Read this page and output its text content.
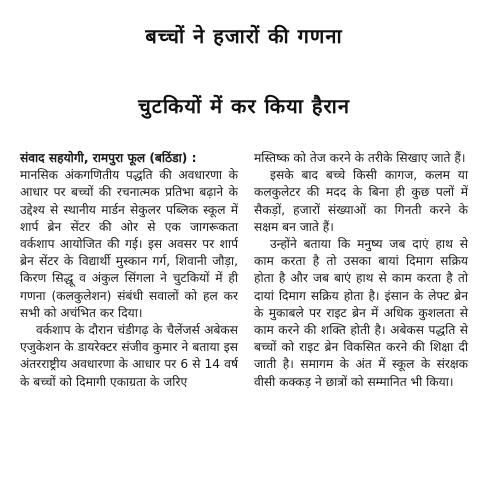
बच्चों ने हजारों की गणना
चुटकियों में कर किया हैरान

संवाद सहयोगी, रामपुरा फूल (बठिंडा) :

मानसिक अंकगणितीय पद्धति की अवधारणा के आधार पर बच्चों की रचनात्मक प्रतिभा बढ़ाने के उद्देश्य से स्थानीय मार्डन सेकुलर पब्लिक स्कूल में शार्प ब्रेन सेंटर की ओर से एक जागरूकता वर्कशाप आयोजित की गई। इस अवसर पर शार्प ब्रेन सेंटर के विद्यार्थी मुस्कान गर्ग, शिवानी जौड़ा, किरण सिद्धू व अंकुल सिंगला ने चुटकियों में ही गणना (कलकुलेशन) संबंधी सवालों को हल कर सभी को अचंभित कर दिया।

वर्कशाप के दौरान चंडीगढ़ के चैलेंजर्स अबेकस एजुकेशन के डायरेक्टर संजीव कुमार ने बताया इस अंतरराष्ट्रीय अवधारणा के आधार पर 6 से 14 वर्ष के बच्चों को दिमागी एकाग्रता के जरिए

मस्तिष्क को तेज करने के तरीके सिखाए जाते हैं।

इसके बाद बच्चे किसी कागज, कलम या कलकुलेटर की मदद के बिना ही कुछ पलों में सैकड़ों, हजारों संख्याओं का गिनती करने के सक्षम बन जाते हैं।

उन्होंने बताया कि मनुष्य जब दाएं हाथ से काम करता है तो उसका बायां दिमाग सक्रिय होता है और जब बाएं हाथ से काम करता है तो दायां दिमाग सक्रिय होता है। इंसान के लेफ्ट ब्रेन के मुकाबले पर राइट ब्रेन में अधिक कुशलता से काम करने की शक्ति होती है। अबेकस पद्धति से बच्चों को राइट ब्रेन विकसित करने की शिक्षा दी जाती है। समागम के अंत में स्कूल के संरक्षक वीसी कक्कड़ ने छात्रों को सम्मानित भी किया।
